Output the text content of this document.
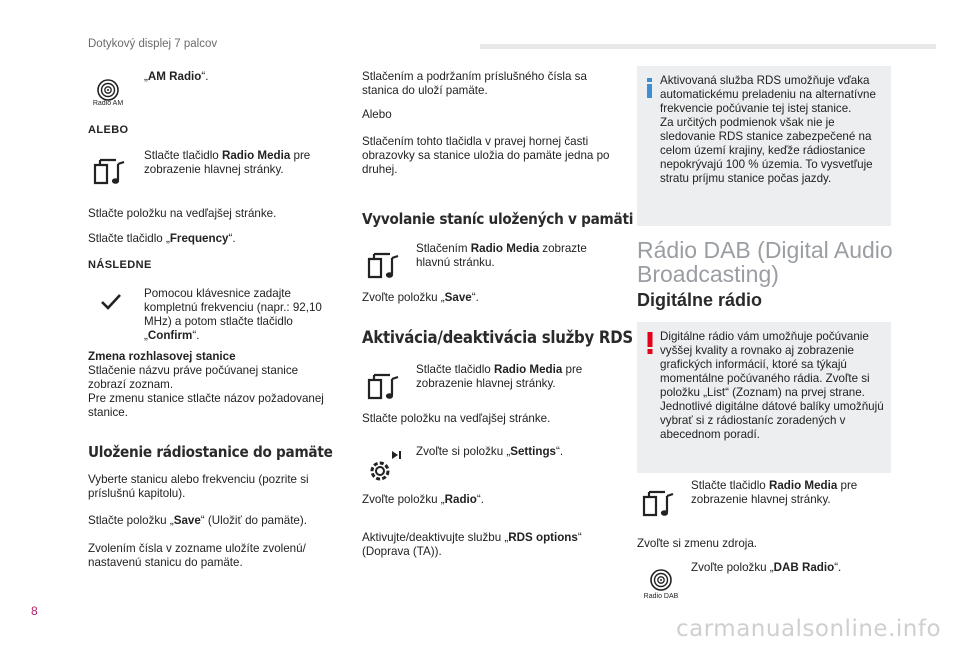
Dotykový displej 7 palcov
Radio AM

„AM Radio“.

ALEBO

Stlačte tlačidlo Radio Media pre zobrazenie hlavnej stránky.

Stlačte položku na vedľajšej stránke.

Stlačte tlačidlo „Frequency“.

NÁSLEDNE

Pomocou klávesnice zadajte kompletnú frekvenciu (napr.: 92,10 MHz) a potom stlačte tlačidlo „Confirm“.

Zmena rozhlasovej stanice
Stlačenie názvu práve počúvanej stanice zobrazí zoznam.
Pre zmenu stanice stlačte názov požadovanej stanice.

Uloženie rádiostanice do pamäte

Vyberte stanicu alebo frekvenciu (pozrite si príslušnú kapitolu).

Stlačte položku „Save“ (Uložiť do pamäte).

Zvolením čísla v zozname uložíte zvolenú/ nastavenú stanicu do pamäte.

Stlačením a podržaním príslušného čísla sa stanica do uloží pamäte.

Alebo

Stlačením tohto tlačidla v pravej hornej časti obrazovky sa stanice uložia do pamäte jedna po druhej.

Vyvolanie staníc uložených v pamäti

Stlačením Radio Media zobrazte hlavnú stránku.

Zvoľte položku „Save“.

Aktivácia/deaktivácia služby RDS

Stlačte tlačidlo Radio Media pre zobrazenie hlavnej stránky.

Stlačte položku na vedľajšej stránke.

Zvoľte si položku „Settings“.

Zvoľte položku „Radio“.

Aktivujte/deaktivujte službu „RDS options“ (Doprava (TA)).

Aktivovaná služba RDS umožňuje vďaka automatickému preladeniu na alternatívne frekvencie počúvanie tej istej stanice.
Za určitých podmienok však nie je sledovanie RDS stanice zabezpečené na celom území krajiny, keďže rádiostanice nepokrývajú 100 % územia. To vysvetľuje stratu príjmu stanice počas jazdy.

Rádio DAB (Digital Audio Broadcasting)
Digitálne rádio

Digitálne rádio vám umožňuje počúvanie vyššej kvality a rovnako aj zobrazenie grafických informácií, ktoré sa týkajú momentálne počúvaného rádia. Zvoľte si položku „List“ (Zoznam) na prvej strane. Jednotlivé digitálne dátové balíky umožňujú vybrať si z rádiostaníc zoradených v abecednom poradí.

Stlačte tlačidlo Radio Media pre zobrazenie hlavnej stránky.

Zvoľte si zmenu zdroja.

Radio DAB

Zvoľte položku „DAB Radio“.

8
carmanualsonline.info
